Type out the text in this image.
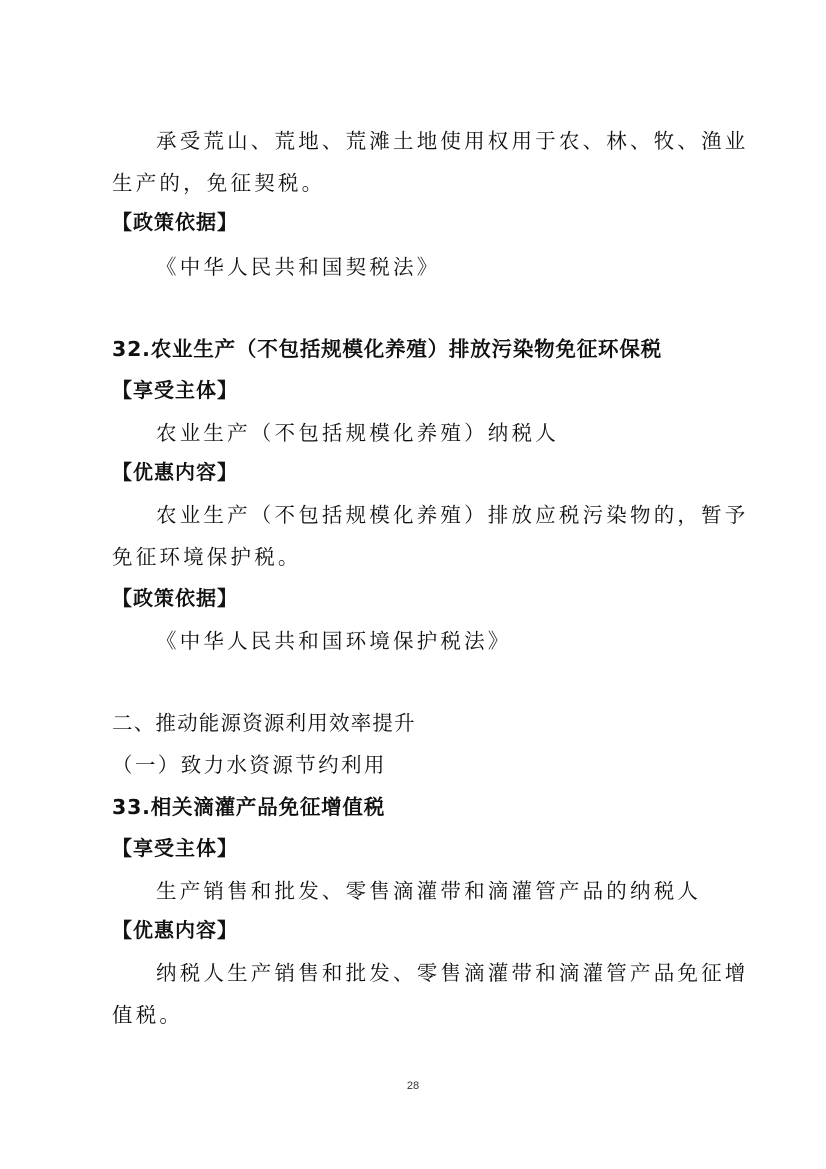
承受荒山、荒地、荒滩土地使用权用于农、林、牧、渔业
生产的，免征契税。
【政策依据】
《中华人民共和国契税法》
32.农业生产（不包括规模化养殖）排放污染物免征环保税
【享受主体】
农业生产（不包括规模化养殖）纳税人
【优惠内容】
农业生产（不包括规模化养殖）排放应税污染物的，暂予
免征环境保护税。
【政策依据】
《中华人民共和国环境保护税法》
二、推动能源资源利用效率提升
（一）致力水资源节约利用
33.相关滴灌产品免征增值税
【享受主体】
生产销售和批发、零售滴灌带和滴灌管产品的纳税人
【优惠内容】
纳税人生产销售和批发、零售滴灌带和滴灌管产品免征增
值税。
28
